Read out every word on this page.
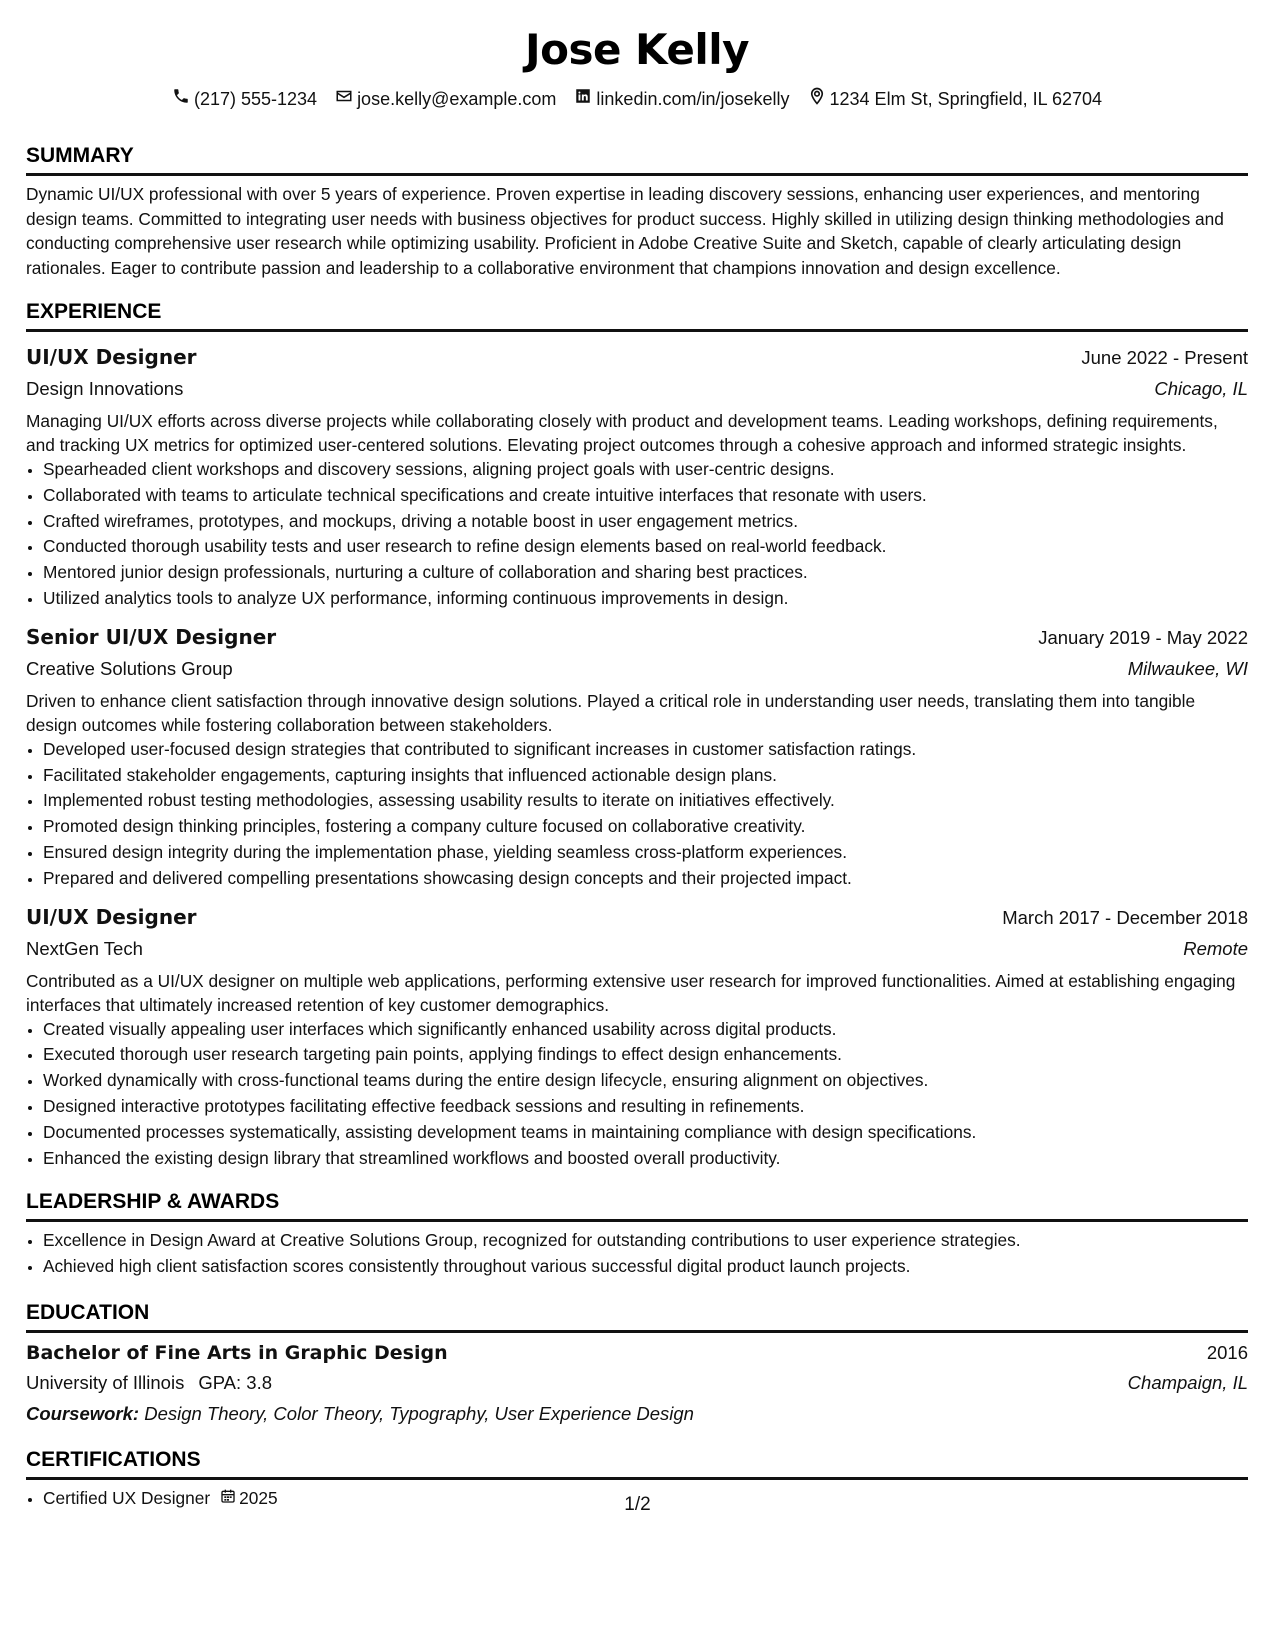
Jose Kelly
(217) 555-1234 jose.kelly@example.com linkedin.com/in/josekelly 1234 Elm St, Springfield, IL 62704
SUMMARY
Dynamic UI/UX professional with over 5 years of experience. Proven expertise in leading discovery sessions, enhancing user experiences, and mentoring design teams. Committed to integrating user needs with business objectives for product success. Highly skilled in utilizing design thinking methodologies and conducting comprehensive user research while optimizing usability. Proficient in Adobe Creative Suite and Sketch, capable of clearly articulating design rationales. Eager to contribute passion and leadership to a collaborative environment that champions innovation and design excellence.
EXPERIENCE
UI/UX Designer	June 2022 - Present
Design Innovations	Chicago, IL
Managing UI/UX efforts across diverse projects while collaborating closely with product and development teams. Leading workshops, defining requirements, and tracking UX metrics for optimized user-centered solutions. Elevating project outcomes through a cohesive approach and informed strategic insights.
• Spearheaded client workshops and discovery sessions, aligning project goals with user-centric designs.
• Collaborated with teams to articulate technical specifications and create intuitive interfaces that resonate with users.
• Crafted wireframes, prototypes, and mockups, driving a notable boost in user engagement metrics.
• Conducted thorough usability tests and user research to refine design elements based on real-world feedback.
• Mentored junior design professionals, nurturing a culture of collaboration and sharing best practices.
• Utilized analytics tools to analyze UX performance, informing continuous improvements in design.
Senior UI/UX Designer	January 2019 - May 2022
Creative Solutions Group	Milwaukee, WI
Driven to enhance client satisfaction through innovative design solutions. Played a critical role in understanding user needs, translating them into tangible design outcomes while fostering collaboration between stakeholders.
• Developed user-focused design strategies that contributed to significant increases in customer satisfaction ratings.
• Facilitated stakeholder engagements, capturing insights that influenced actionable design plans.
• Implemented robust testing methodologies, assessing usability results to iterate on initiatives effectively.
• Promoted design thinking principles, fostering a company culture focused on collaborative creativity.
• Ensured design integrity during the implementation phase, yielding seamless cross-platform experiences.
• Prepared and delivered compelling presentations showcasing design concepts and their projected impact.
UI/UX Designer	March 2017 - December 2018
NextGen Tech	Remote
Contributed as a UI/UX designer on multiple web applications, performing extensive user research for improved functionalities. Aimed at establishing engaging interfaces that ultimately increased retention of key customer demographics.
• Created visually appealing user interfaces which significantly enhanced usability across digital products.
• Executed thorough user research targeting pain points, applying findings to effect design enhancements.
• Worked dynamically with cross-functional teams during the entire design lifecycle, ensuring alignment on objectives.
• Designed interactive prototypes facilitating effective feedback sessions and resulting in refinements.
• Documented processes systematically, assisting development teams in maintaining compliance with design specifications.
• Enhanced the existing design library that streamlined workflows and boosted overall productivity.
LEADERSHIP & AWARDS
• Excellence in Design Award at Creative Solutions Group, recognized for outstanding contributions to user experience strategies.
• Achieved high client satisfaction scores consistently throughout various successful digital product launch projects.
EDUCATION
Bachelor of Fine Arts in Graphic Design	2016
University of Illinois GPA: 3.8	Champaign, IL
Coursework: Design Theory, Color Theory, Typography, User Experience Design
CERTIFICATIONS
• Certified UX Designer 2025	1/2
